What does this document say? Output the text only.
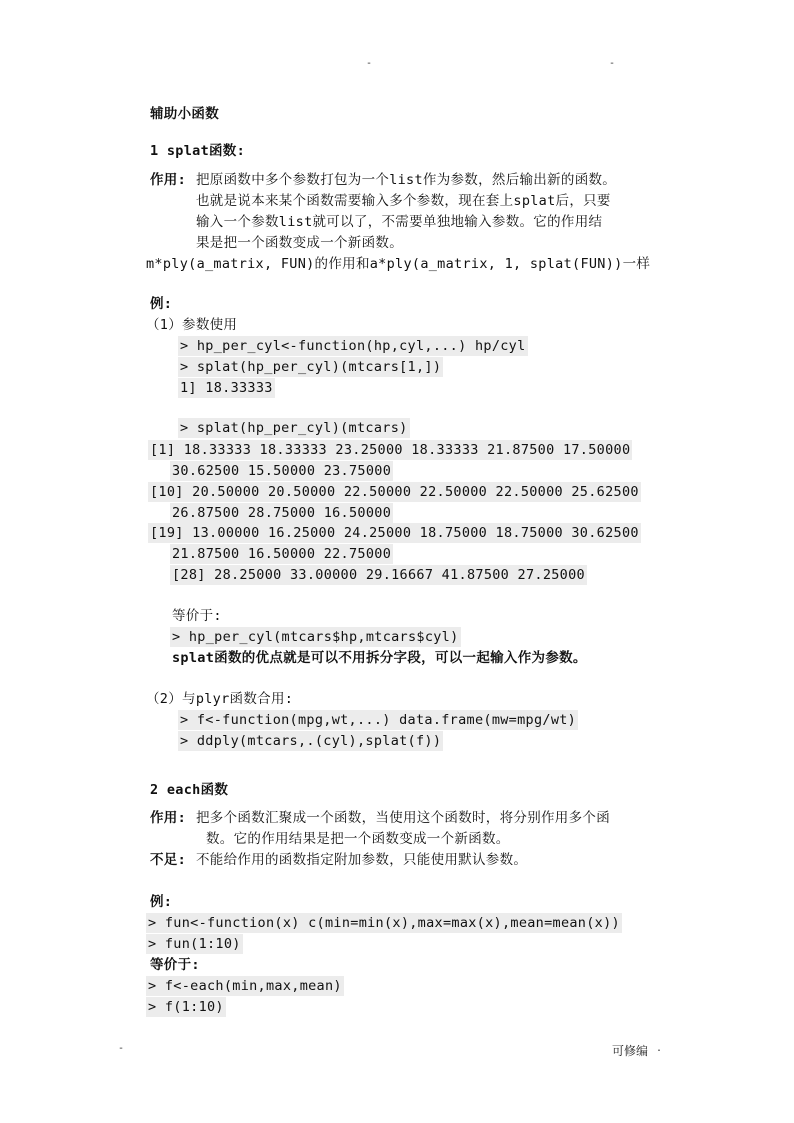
-	-
辅助小函数
1 splat函数:
作用: 把原函数中多个参数打包为一个list作为参数，然后输出新的函数。
也就是说本来某个函数需要输入多个参数，现在套上splat后，只要
输入一个参数list就可以了，不需要单独地输入参数。它的作用结
果是把一个函数变成一个新函数。
m*ply(a_matrix, FUN)的作用和a*ply(a_matrix, 1, splat(FUN))一样
例:
（1）参数使用
> hp_per_cyl<-function(hp,cyl,...) hp/cyl
> splat(hp_per_cyl)(mtcars[1,])
1] 18.33333
> splat(hp_per_cyl)(mtcars)
[1] 18.33333 18.33333 23.25000 18.33333 21.87500 17.50000
30.62500 15.50000 23.75000
[10] 20.50000 20.50000 22.50000 22.50000 22.50000 25.62500
26.87500 28.75000 16.50000
[19] 13.00000 16.25000 24.25000 18.75000 18.75000 30.62500
21.87500 16.50000 22.75000
[28] 28.25000 33.00000 29.16667 41.87500 27.25000
等价于:
> hp_per_cyl(mtcars$hp,mtcars$cyl)
splat函数的优点就是可以不用拆分字段，可以一起输入作为参数。
（2）与plyr函数合用:
> f<-function(mpg,wt,...) data.frame(mw=mpg/wt)
> ddply(mtcars,.(cyl),splat(f))
2 each函数
作用: 把多个函数汇聚成一个函数，当使用这个函数时，将分别作用多个函
数。它的作用结果是把一个函数变成一个新函数。
不足: 不能给作用的函数指定附加参数，只能使用默认参数。
例:
> fun<-function(x) c(min=min(x),max=max(x),mean=mean(x))
> fun(1:10)
等价于:
> f<-each(min,max,mean)
> f(1:10)
-	可修编 .
